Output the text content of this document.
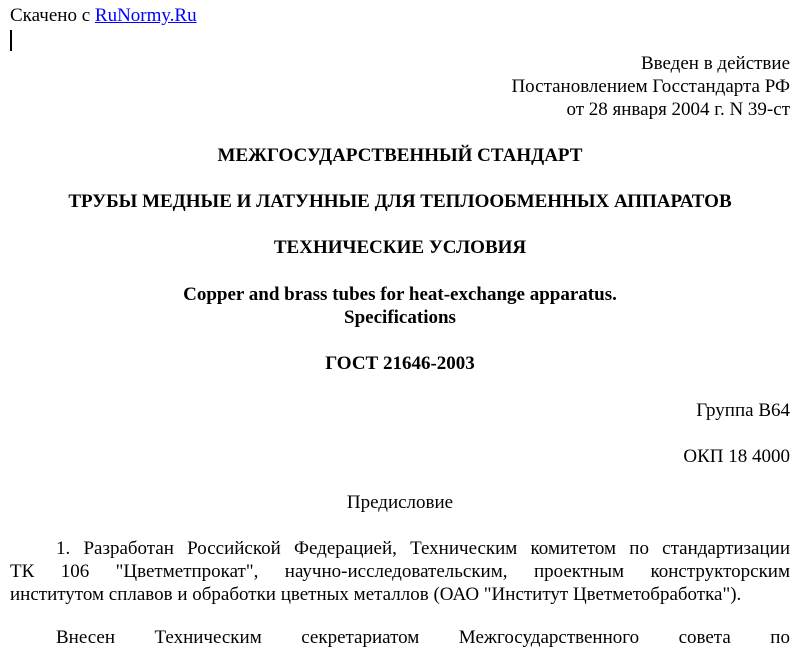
Скачено с RuNormy.Ru
Введен в действие
Постановлением Госстандарта РФ
от 28 января 2004 г. N 39-ст
МЕЖГОСУДАРСТВЕННЫЙ СТАНДАРТ
ТРУБЫ МЕДНЫЕ И ЛАТУННЫЕ ДЛЯ ТЕПЛООБМЕННЫХ АППАРАТОВ
ТЕХНИЧЕСКИЕ УСЛОВИЯ
Copper and brass tubes for heat-exchange apparatus.
Specifications
ГОСТ 21646-2003
Группа В64
ОКП 18 4000
Предисловие
1. Разработан Российской Федерацией, Техническим комитетом по стандартизации
ТК 106 "Цветметпрокат", научно-исследовательским, проектным конструкторским
институтом сплавов и обработки цветных металлов (ОАО "Институт Цветметобработка").
Внесен Техническим секретариатом Межгосударственного совета по
